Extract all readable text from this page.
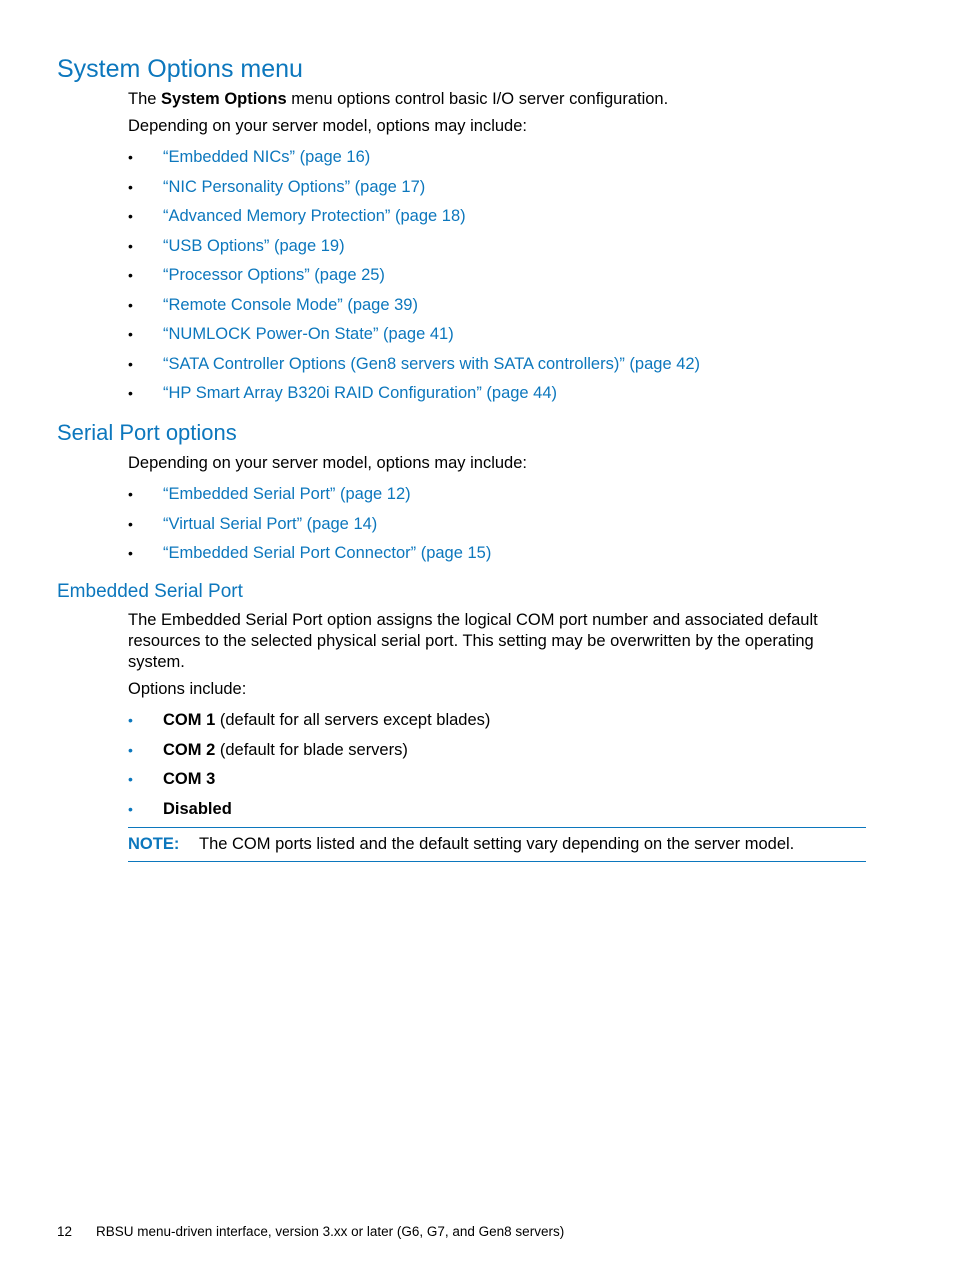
System Options menu

The System Options menu options control basic I/O server configuration.

Depending on your server model, options may include:

• “Embedded NICs” (page 16)
• “NIC Personality Options” (page 17)
• “Advanced Memory Protection” (page 18)
• “USB Options” (page 19)
• “Processor Options” (page 25)
• “Remote Console Mode” (page 39)
• “NUMLOCK Power-On State” (page 41)
• “SATA Controller Options (Gen8 servers with SATA controllers)” (page 42)
• “HP Smart Array B320i RAID Configuration” (page 44)
Serial Port options

Depending on your server model, options may include:

• “Embedded Serial Port” (page 12)
• “Virtual Serial Port” (page 14)
• “Embedded Serial Port Connector” (page 15)
Embedded Serial Port

The Embedded Serial Port option assigns the logical COM port number and associated default resources to the selected physical serial port. This setting may be overwritten by the operating system.

Options include:

• COM 1 (default for all servers except blades)
• COM 2 (default for blade servers)
• COM 3
• Disabled
NOTE: The COM ports listed and the default setting vary depending on the server model.
12 RBSU menu-driven interface, version 3.xx or later (G6, G7, and Gen8 servers)
